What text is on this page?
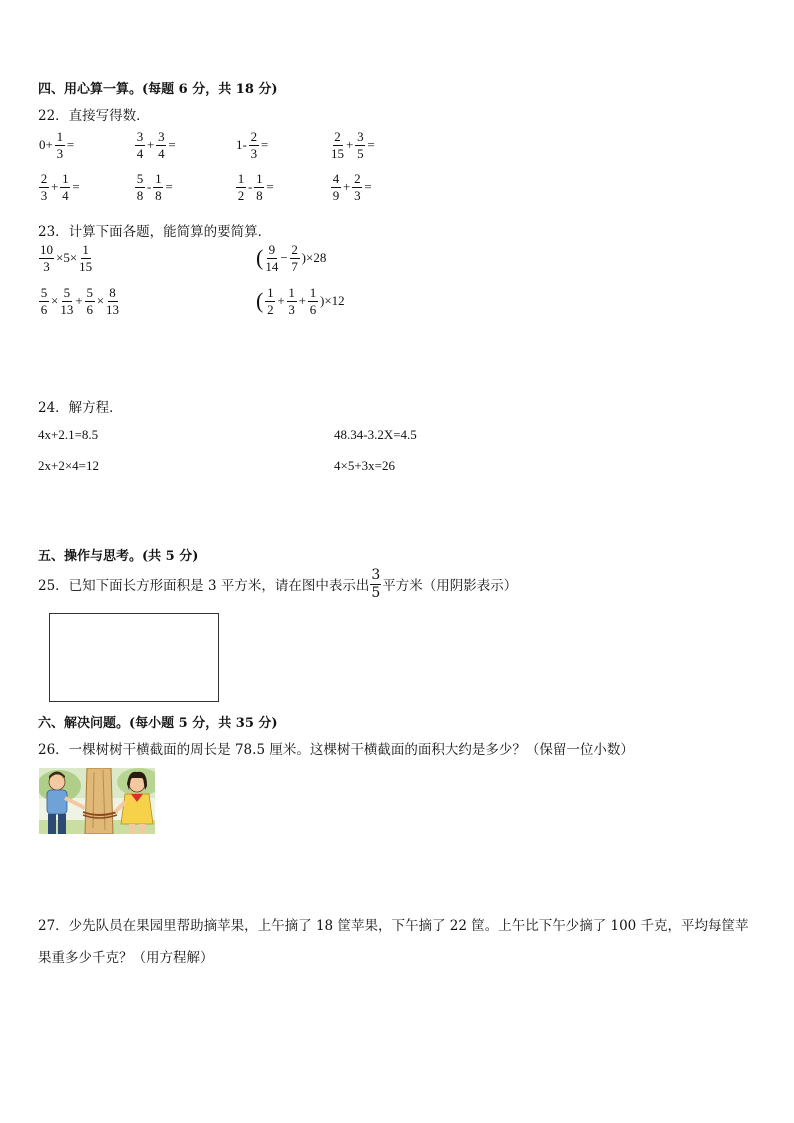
四、用心算一算。(每题 6 分，共 18 分)
22．直接写得数．
$0+ \frac{1}{3}$ =	$\frac{3}{4} + \frac{3}{4}$ =	$1- \frac{2}{3}$ =	$\frac{2}{15} + \frac{3}{5}$ =
$\frac{2}{3} + \frac{1}{4}$ =	$\frac{5}{8} - \frac{1}{8}$ =	$\frac{1}{2} - \frac{1}{8}$ =	$\frac{4}{9} + \frac{2}{3}$ =
23．计算下面各题，能简算的要简算．
$\frac{10}{3} \times 5\times \frac{1}{15}$	( $\frac{9}{14} - \frac{2}{7} )\times 28$
$\frac{5}{6} \times \frac{5}{13} + \frac{5}{6} \times \frac{8}{13}$	( $\frac{1}{2} + \frac{1}{3} + \frac{1}{6} )\times 12$
24．解方程．
4x+2.1=8.5	48.34-3.2X=4.5
2x+2×4=12	4×5+3x=26
五、操作与思考。(共 5 分)
25．已知下面长方形面积是 3 平方米，请在图中表示出 $\frac{3}{5}$ 平方米（用阴影表示）
六、解决问题。(每小题 5 分，共 35 分)
26．一棵树树干横截面的周长是 78.5 厘米。这棵树干横截面的面积大约是多少？（保留一位小数）
27．少先队员在果园里帮助摘苹果，上午摘了 18 筐苹果，下午摘了 22 筐。上午比下午少摘了 100 千克，平均每筐苹
果重多少千克？（用方程解）
